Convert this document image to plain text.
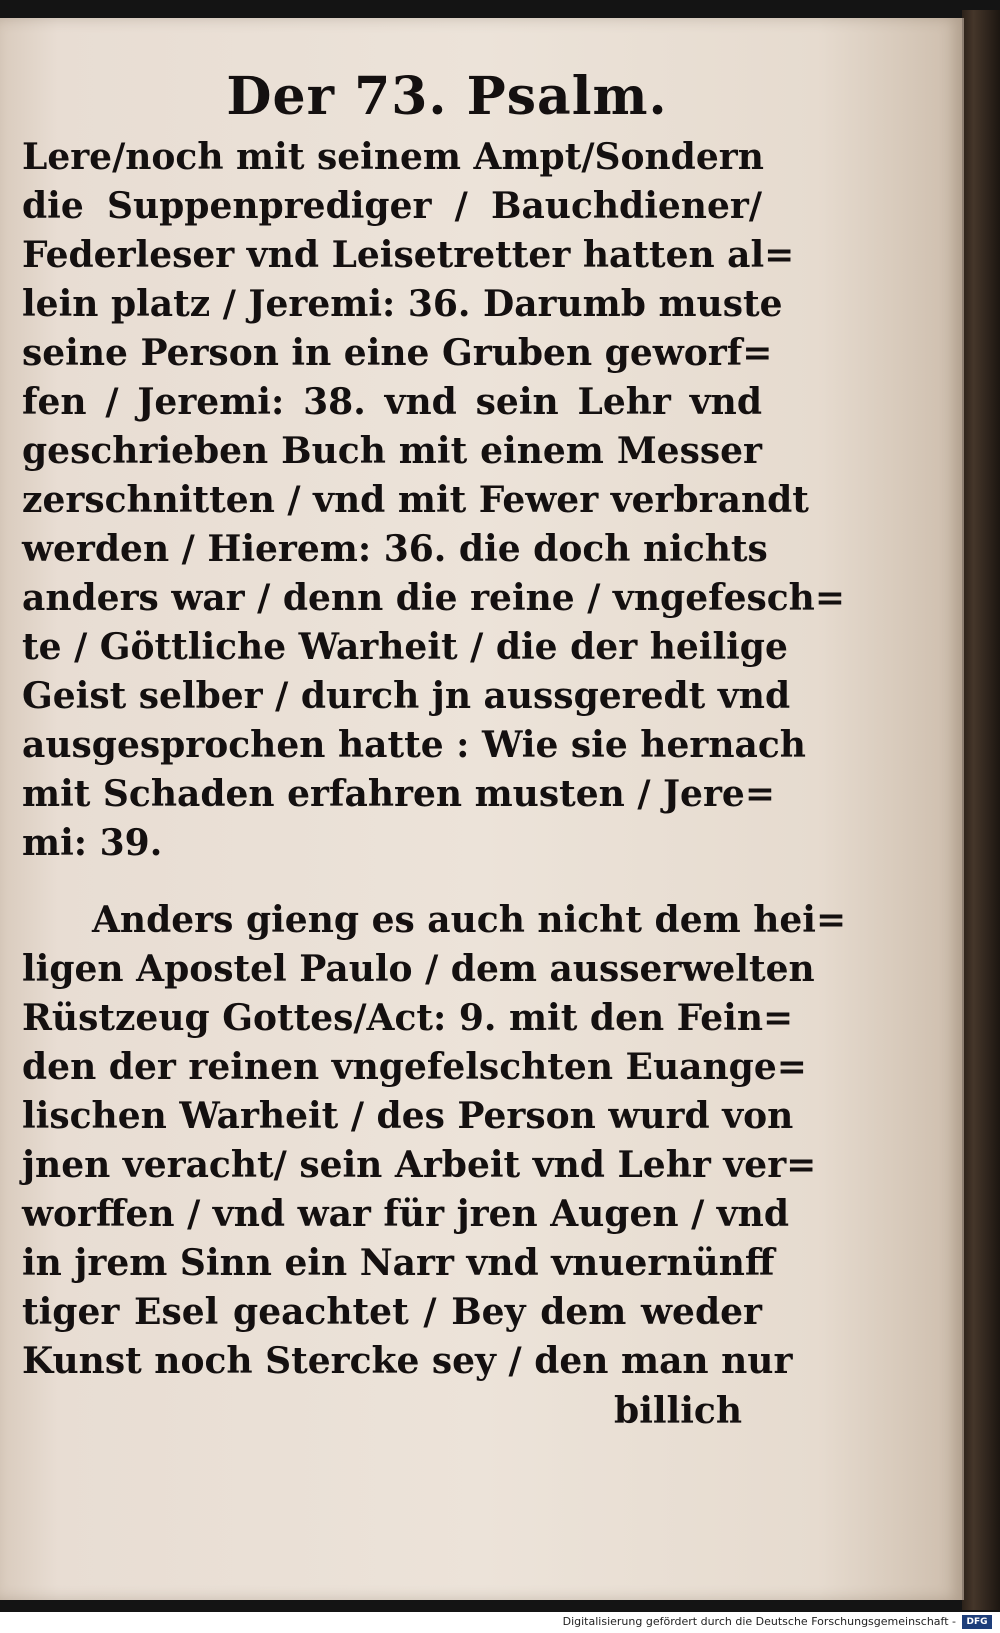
Der 73. Psalm.
Lere/noch mit seinem Ampt/Sondern
die Suppenprediger / Bauchdiener/
Federleser vnd Leisetretter hatten al=
lein platz / Jeremi: 36. Darumb muste
seine Person in eine Gruben geworf=
fen / Jeremi: 38. vnd sein Lehr vnd
geschrieben Buch mit einem Messer
zerschnitten / vnd mit Fewer verbrandt
werden / Hierem: 36. die doch nichts
anders war / denn die reine / vngefesch=
te / Göttliche Warheit / die der heilige
Geist selber / durch jn aussgeredt vnd
ausgesprochen hatte : Wie sie hernach
mit Schaden erfahren musten / Jere=
mi: 39.
Anders gieng es auch nicht dem hei=
ligen Apostel Paulo / dem ausserwelten
Rüstzeug Gottes/Act: 9. mit den Fein=
den der reinen vngefelschten Euange=
lischen Warheit / des Person wurd von
jnen veracht/ sein Arbeit vnd Lehr ver=
worffen / vnd war für jren Augen / vnd
in jrem Sinn ein Narr vnd vnuernünff
tiger Esel geachtet / Bey dem weder
Kunst noch Stercke sey / den man nur
billich
Digitalisierung gefördert durch die Deutsche Forschungsgemeinschaft -	DFG
